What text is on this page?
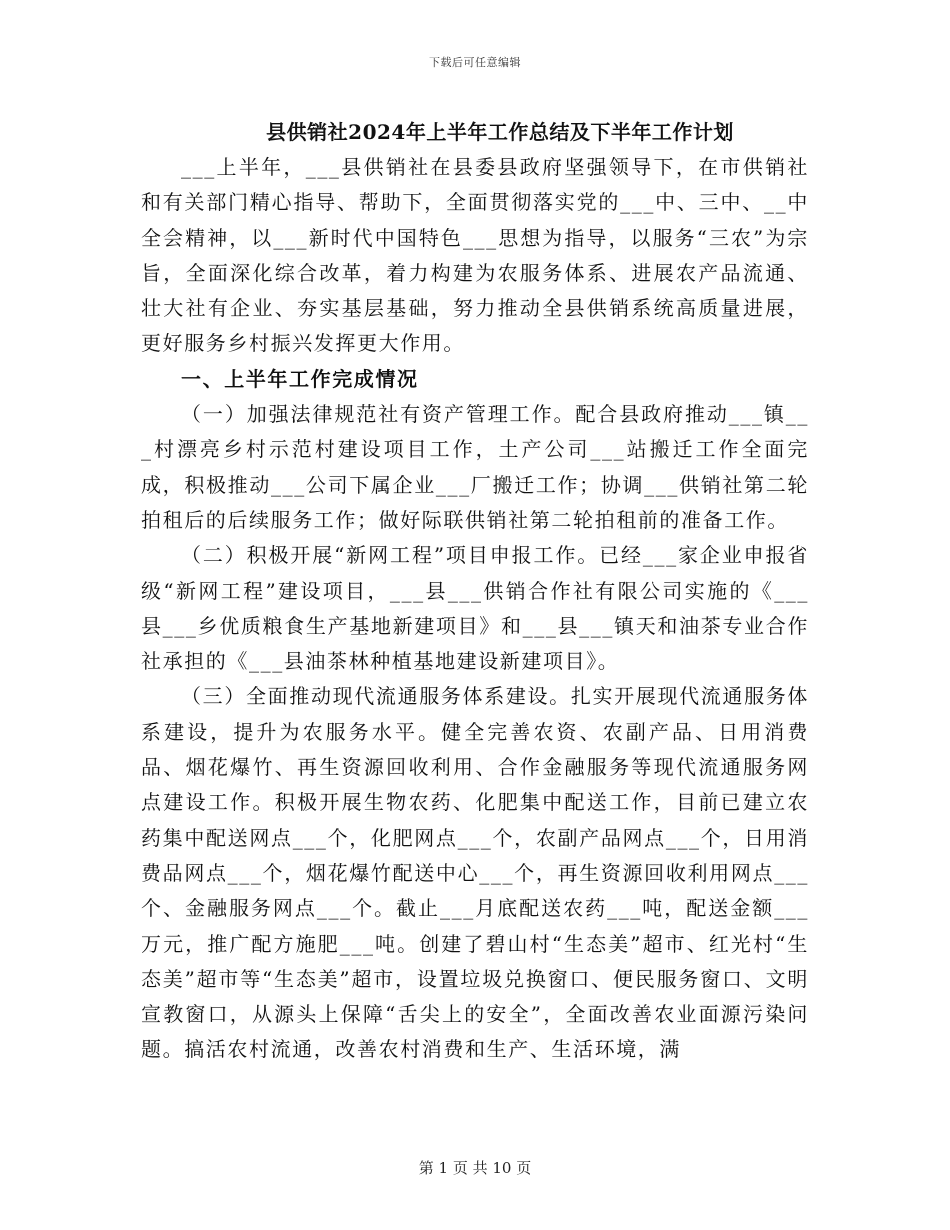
下载后可任意编辑
县供销社2024年上半年工作总结及下半年工作计划

___上半年，___县供销社在县委县政府坚强领导下，在市供销社和有关部门精心指导、帮助下，全面贯彻落实党的___中、三中、__中全会精神，以___新时代中国特色___思想为指导，以服务“三农”为宗旨，全面深化综合改革，着力构建为农服务体系、进展农产品流通、壮大社有企业、夯实基层基础，努力推动全县供销系统高质量进展，更好服务乡村振兴发挥更大作用。

一、上半年工作完成情况

（一）加强法律规范社有资产管理工作。配合县政府推动___镇___村漂亮乡村示范村建设项目工作，土产公司___站搬迁工作全面完成，积极推动___公司下属企业___厂搬迁工作；协调___供销社第二轮拍租后的后续服务工作；做好际联供销社第二轮拍租前的准备工作。

（二）积极开展“新网工程”项目申报工作。已经___家企业申报省级“新网工程”建设项目，___县___供销合作社有限公司实施的《___县___乡优质粮食生产基地新建项目》和___县___镇天和油茶专业合作社承担的《___县油茶林种植基地建设新建项目》。

（三）全面推动现代流通服务体系建设。扎实开展现代流通服务体系建设，提升为农服务水平。健全完善农资、农副产品、日用消费品、烟花爆竹、再生资源回收利用、合作金融服务等现代流通服务网点建设工作。积极开展生物农药、化肥集中配送工作，目前已建立农药集中配送网点___个，化肥网点___个，农副产品网点___个，日用消费品网点___个，烟花爆竹配送中心___个，再生资源回收利用网点___个、金融服务网点___个。截止___月底配送农药___吨，配送金额___万元，推广配方施肥___吨。创建了碧山村“生态美”超市、红光村“生态美”超市等“生态美”超市，设置垃圾兑换窗口、便民服务窗口、文明宣教窗口，从源头上保障“舌尖上的安全”，全面改善农业面源污染问题。搞活农村流通，改善农村消费和生产、生活环境，满

第 1 页 共 10 页
